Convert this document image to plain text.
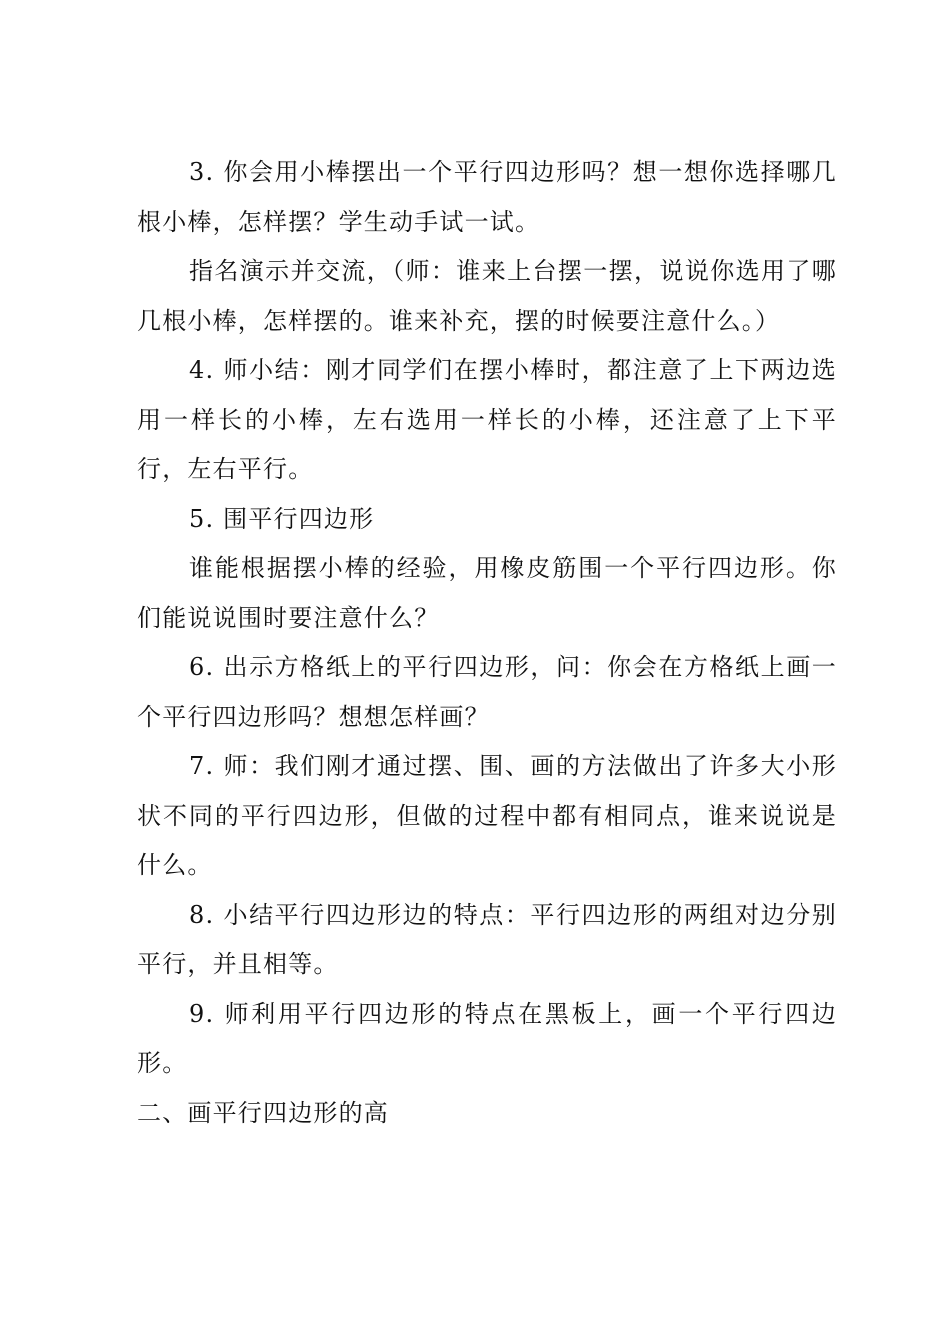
3. 你会用小棒摆出一个平行四边形吗？想一想你选择哪几根小棒，怎样摆？学生动手试一试。

指名演示并交流，（师：谁来上台摆一摆，说说你选用了哪几根小棒，怎样摆的。谁来补充，摆的时候要注意什么。）

4. 师小结：刚才同学们在摆小棒时，都注意了上下两边选用一样长的小棒，左右选用一样长的小棒，还注意了上下平行，左右平行。

5. 围平行四边形

谁能根据摆小棒的经验，用橡皮筋围一个平行四边形。你们能说说围时要注意什么？

6. 出示方格纸上的平行四边形，问：你会在方格纸上画一个平行四边形吗？想想怎样画？

7. 师：我们刚才通过摆、围、画的方法做出了许多大小形状不同的平行四边形，但做的过程中都有相同点，谁来说说是什么。

8. 小结平行四边形边的特点：平行四边形的两组对边分别平行，并且相等。

9. 师利用平行四边形的特点在黑板上，画一个平行四边形。

二、画平行四边形的高
